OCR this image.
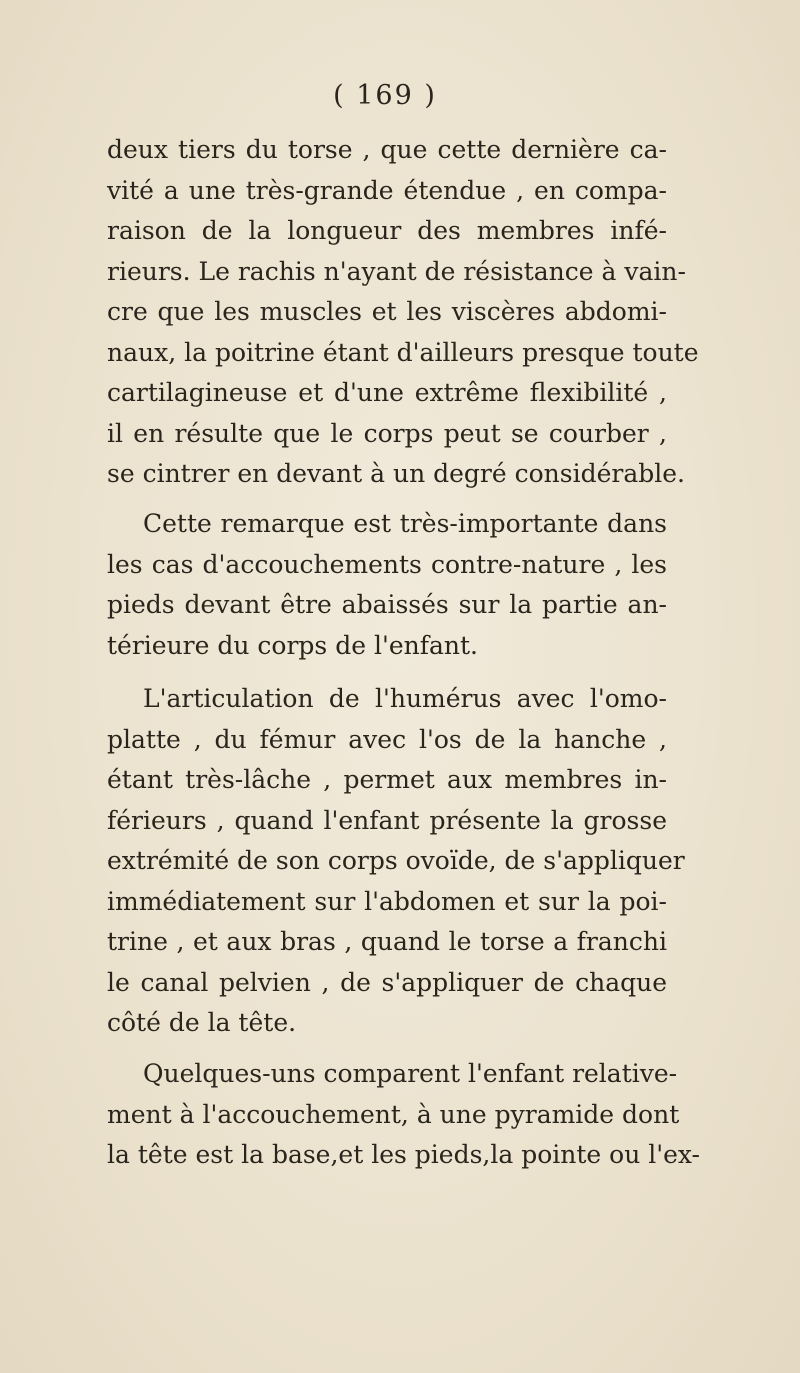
( 169 )
deux tiers du torse , que cette dernière ca-
vité a une très-grande étendue , en compa-
raison de la longueur des membres infé-
rieurs. Le rachis n'ayant de résistance à vain-
cre que les muscles et les viscères abdomi-
naux, la poitrine étant d'ailleurs presque toute
cartilagineuse et d'une extrême flexibilité ,
il en résulte que le corps peut se courber ,
se cintrer en devant à un degré considérable.
Cette remarque est très-importante dans
les cas d'accouchements contre-nature , les
pieds devant être abaissés sur la partie an-
térieure du corps de l'enfant.
L'articulation de l'humérus avec l'omo-
platte , du fémur avec l'os de la hanche ,
étant très-lâche , permet aux membres in-
férieurs , quand l'enfant présente la grosse
extrémité de son corps ovoïde, de s'appliquer
immédiatement sur l'abdomen et sur la poi-
trine , et aux bras , quand le torse a franchi
le canal pelvien , de s'appliquer de chaque
côté de la tête.
Quelques-uns comparent l'enfant relative-
ment à l'accouchement, à une pyramide dont
la tête est la base,et les pieds,la pointe ou l'ex-
